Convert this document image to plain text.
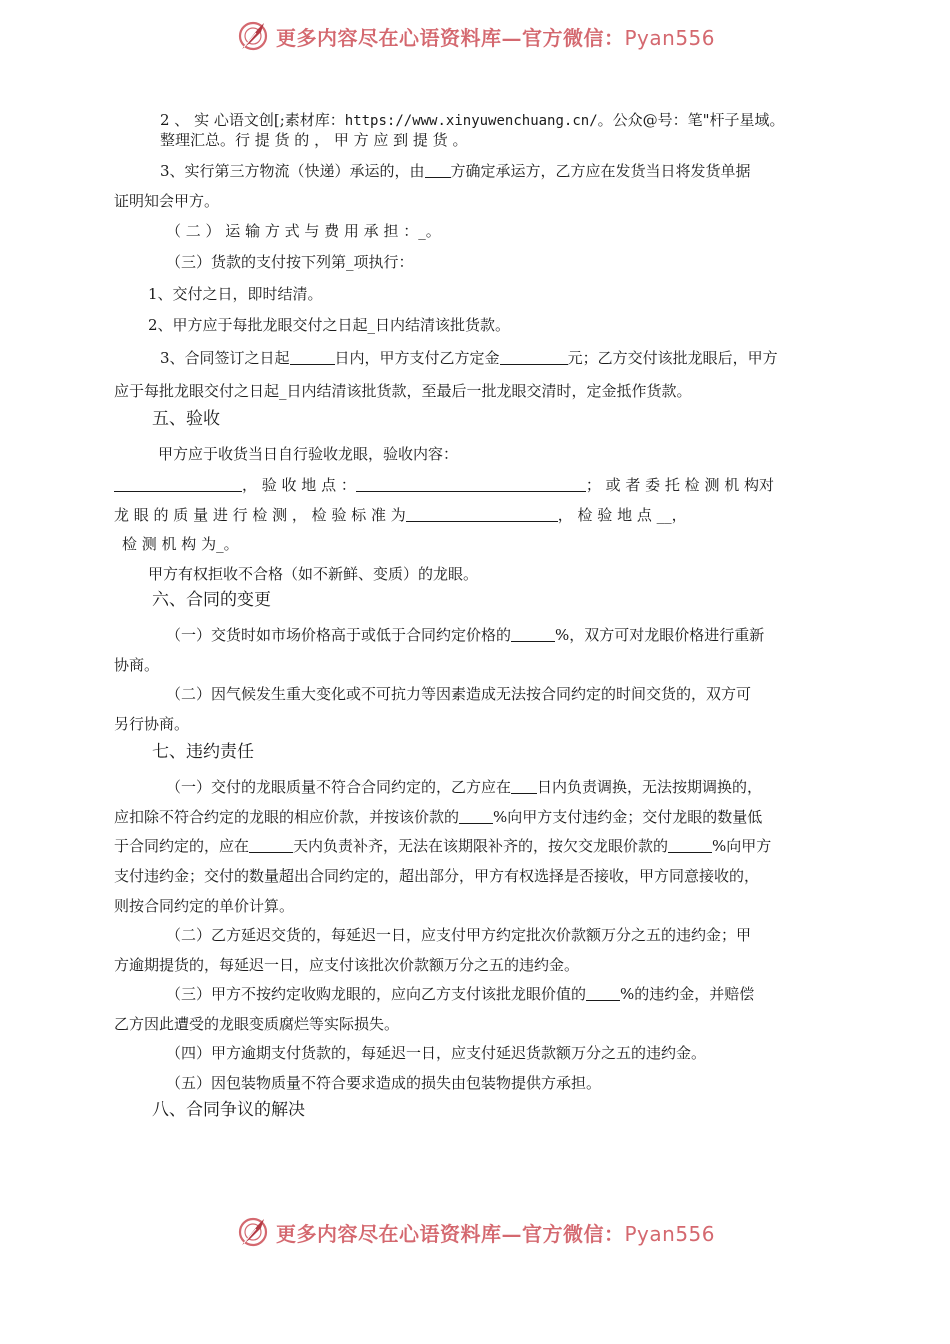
更多内容尽在心语资料库—官方微信：Pyan556
2 、 实 心语文创[;素材库：https://www.xinyuwenchuang.cn/。公众@号：笔"杆子星域。
整理汇总。行 提 货 的 ， 甲 方 应 到 提 货 。
3、实行第三方物流（快递）承运的，由 方确定承运方，乙方应在发货当日将发货单据
证明知会甲方。
（ 二 ） 运 输 方 式 与 费 用 承 担 ：_。
（三）货款的支付按下列第_项执行：
1、交付之日，即时结清。
2、甲方应于每批龙眼交付之日起_日内结清该批货款。
3、合同签订之日起	日内，甲方支付乙方定金	元；乙方交付该批龙眼后，甲方
应于每批龙眼交付之日起_日内结清该批货款，至最后一批龙眼交清时，定金抵作货款。
五、验收
甲方应于收货当日自行验收龙眼，验收内容：
， 验 收 地 点 ：	； 或 者 委 托 检 测 机 构对
龙 眼 的 质 量 进 行 检 测 ， 检 验 标 准 为	， 检 验 地 点 __，
检 测 机 构 为_。
甲方有权拒收不合格（如不新鲜、变质）的龙眼。
六、合同的变更
（一）交货时如市场价格高于或低于合同约定价格的	%，双方可对龙眼价格进行重新
协商。
（二）因气候发生重大变化或不可抗力等因素造成无法按合同约定的时间交货的，双方可
另行协商。
七、违约责任
（一）交付的龙眼质量不符合合同约定的，乙方应在 日内负责调换，无法按期调换的，
应扣除不符合约定的龙眼的相应价款，并按该价款的 %向甲方支付违约金；交付龙眼的数量低
于合同约定的，应在	天内负责补齐，无法在该期限补齐的，按欠交龙眼价款的	%向甲方
支付违约金；交付的数量超出合同约定的，超出部分，甲方有权选择是否接收，甲方同意接收的，
则按合同约定的单价计算。
（二）乙方延迟交货的，每延迟一日，应支付甲方约定批次价款额万分之五的违约金；甲
方逾期提货的，每延迟一日，应支付该批次价款额万分之五的违约金。
（三）甲方不按约定收购龙眼的，应向乙方支付该批龙眼价值的 %的违约金，并赔偿
乙方因此遭受的龙眼变质腐烂等实际损失。
（四）甲方逾期支付货款的，每延迟一日，应支付延迟货款额万分之五的违约金。
（五）因包装物质量不符合要求造成的损失由包装物提供方承担。
八、合同争议的解决
更多内容尽在心语资料库—官方微信：Pyan556
